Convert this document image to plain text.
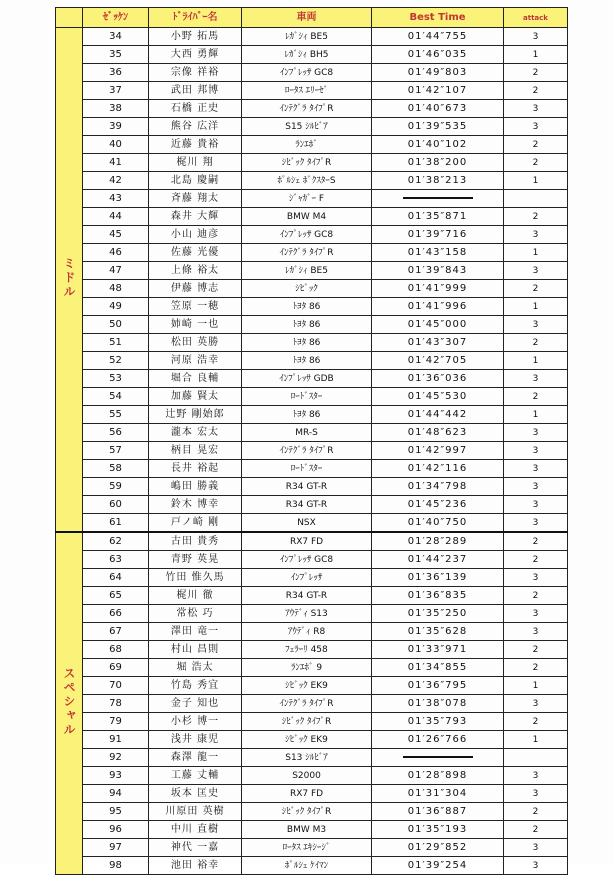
	ｾﾞｯｹﾝ	ﾄﾞﾗｲﾊﾞｰ名	車両	Best Time	attack
ミドル	34	小野 拓馬	ﾚｶﾞｼｨ BE5	01′44″755	3
	35	大西 勇輝	ﾚｶﾞｼｨ BH5	01′46″035	1
	36	宗像 祥裕	ｲﾝﾌﾟﾚｯｻ GC8	01′49″803	2
	37	武田 邦博	ﾛｰﾀｽ ｴﾘｰｾﾞ	01′42″107	2
	38	石橋 正史	ｲﾝﾃｸﾞﾗ ﾀｲﾌﾟR	01′40″673	3
	39	熊谷 広洋	S15 ｼﾙﾋﾞｱ	01′39″535	3
	40	近藤 貴裕	ﾗﾝｴﾎﾞ	01′40″102	2
	41	梶川 翔	ｼﾋﾞｯｸ ﾀｲﾌﾟR	01′38″200	2
	42	北島 慶嗣	ﾎﾟﾙｼｪ ﾎﾞｸｽﾀｰS	01′38″213	1
	43	斉藤 翔太	ｼﾞｬｶﾞｰ F		
	44	森井 大輝	BMW M4	01′35″871	2
	45	小山 迪彦	ｲﾝﾌﾟﾚｯｻ GC8	01′39″716	3
	46	佐藤 光優	ｲﾝﾃｸﾞﾗ ﾀｲﾌﾟR	01′43″158	1
	47	上條 裕太	ﾚｶﾞｼｨ BE5	01′39″843	3
	48	伊藤 博志	ｼﾋﾞｯｸ	01′41″999	2
	49	笠原 一穂	ﾄﾖﾀ 86	01′41″996	1
	50	姉崎 一也	ﾄﾖﾀ 86	01′45″000	3
	51	松田 英勝	ﾄﾖﾀ 86	01′43″307	2
	52	河原 浩幸	ﾄﾖﾀ 86	01′42″705	1
	53	堀合 良輔	ｲﾝﾌﾟﾚｯｻ GDB	01′36″036	3
	54	加藤 賢太	ﾛｰﾄﾞｽﾀｰ	01′45″530	2
	55	辻野 剛始郎	ﾄﾖﾀ 86	01′44″442	1
	56	瀧本 宏太	MR-S	01′48″623	3
	57	柄目 晃宏	ｲﾝﾃｸﾞﾗ ﾀｲﾌﾟR	01′42″997	3
	58	長井 裕起	ﾛｰﾄﾞｽﾀｰ	01′42″116	3
	59	嶋田 勝義	R34 GT-R	01′34″798	3
	60	鈴木 博幸	R34 GT-R	01′45″236	3
	61	戸ノ崎 剛	NSX	01′40″750	3
スペシャル	62	古田 貴秀	RX7 FD	01′28″289	2
	63	青野 英晃	ｲﾝﾌﾟﾚｯｻ GC8	01′44″237	2
	64	竹田 惟久馬	ｲﾝﾌﾟﾚｯｻ	01′36″139	3
	65	梶川 徹	R34 GT-R	01′36″835	2
	66	常松 巧	ｱｳﾃﾞｨ S13	01′35″250	3
	67	澤田 竜一	ｱｳﾃﾞｨ R8	01′35″628	3
	68	村山 昌則	ﾌｪﾗｰﾘ 458	01′33″971	2
	69	堀 浩太	ﾗﾝｴﾎﾞ 9	01′34″855	2
	70	竹島 秀宜	ｼﾋﾞｯｸ EK9	01′36″795	1
	78	金子 知也	ｲﾝﾃｸﾞﾗ ﾀｲﾌﾟR	01′38″078	3
	79	小杉 博一	ｼﾋﾞｯｸ ﾀｲﾌﾟR	01′35″793	2
	91	浅井 康児	ｼﾋﾞｯｸ EK9	01′26″766	1
	92	森澤 龍一	S13 ｼﾙﾋﾞｱ		
	93	工藤 丈輔	S2000	01′28″898	3
	94	坂本 匡史	RX7 FD	01′31″304	3
	95	川原田 英樹	ｼﾋﾞｯｸ ﾀｲﾌﾟR	01′36″887	2
	96	中川 直樹	BMW M3	01′35″193	2
	97	神代 一嘉	ﾛｰﾀｽ ｴｷｼｰｼﾞ	01′29″852	3
	98	池田 裕幸	ﾎﾟﾙｼｪ ｹｲﾏﾝ	01′39″254	3
